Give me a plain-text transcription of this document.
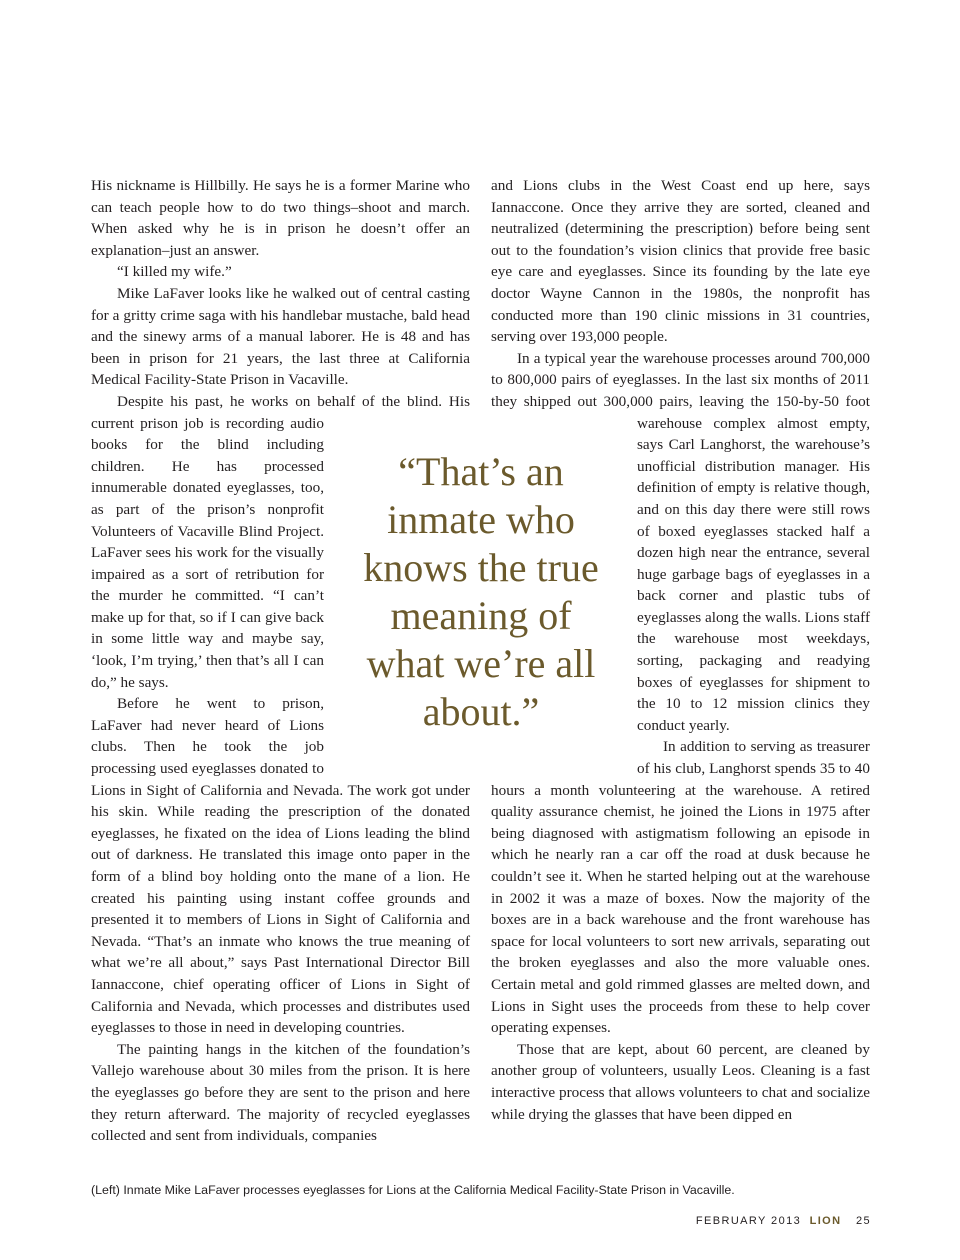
His nickname is Hillbilly. He says he is a former Marine who can teach people how to do two things–shoot and march. When asked why he is in prison he doesn’t offer an explanation–just an answer.

“I killed my wife.”

Mike LaFaver looks like he walked out of central casting for a gritty crime saga with his handlebar mustache, bald head and the sinewy arms of a manual laborer. He is 48 and has been in prison for 21 years, the last three at California Medical Facility-State Prison in Vacaville.

Despite his past, he works on behalf of the blind. His
current prison job is recording audio books for the blind including children. He has processed innumerable donated eyeglasses, too, as part of the prison’s nonprofit Volunteers of Vacaville Blind Project. LaFaver sees his work for the visually impaired as a sort of retribution for the murder he committed. “I can’t make up for that, so if I can give back in some little way and maybe say, ‘look, I’m trying,’ then that’s all I can do,” he says.

Before he went to prison, LaFaver had never heard of Lions clubs. Then he took the job processing used eyeglasses donated to Lions in Sight of California and Nevada. The work got under his skin. While reading the prescription of the donated eyeglasses, he fixated on the idea of Lions leading the blind out of darkness. He translated this image onto paper in the form of a blind boy holding onto the mane of a lion. He created his painting using instant coffee grounds and presented it to members of Lions in Sight of California and Nevada. “That’s an inmate who knows the true meaning of what we’re all about,” says Past International Director Bill Iannaccone, chief operating officer of Lions in Sight of California and Nevada, which processes and distributes used eyeglasses to those in need in developing countries.

The painting hangs in the kitchen of the foundation’s Vallejo warehouse about 30 miles from the prison. It is here the eyeglasses go before they are sent to the prison and here they return afterward. The majority of recycled eyeglasses collected and sent from individuals, companies

and Lions clubs in the West Coast end up here, says Iannaccone. Once they arrive they are sorted, cleaned and neutralized (determining the prescription) before being sent out to the foundation’s vision clinics that provide free basic eye care and eyeglasses. Since its founding by the late eye doctor Wayne Cannon in the 1980s, the nonprofit has conducted more than 190 clinic missions in 31 countries, serving over 193,000 people.

In a typical year the warehouse processes around 700,000 to 800,000 pairs of eyeglasses. In the last six months of 2011 they shipped out 300,000 pairs, leaving the
150-by-50 foot warehouse complex almost empty, says Carl Langhorst, the warehouse’s unofficial distribution manager. His definition of empty is relative though, and on this day there were still rows of boxed eyeglasses stacked half a dozen high near the entrance, several huge garbage bags of eyeglasses in a back corner and plastic tubs of eyeglasses along the walls. Lions staff the warehouse most weekdays, sorting, packaging and readying boxes of eyeglasses for shipment to the 10 to 12 mission clinics they conduct yearly.

In addition to serving as treasurer of his club, Langhorst spends 35 to 40 hours a month volunteering at the warehouse. A retired quality assurance chemist, he joined the Lions in 1975 after being diagnosed with astigmatism following an episode in which he nearly ran a car off the road at dusk because he couldn’t see it. When he started helping out at the warehouse in 2002 it was a maze of boxes. Now the majority of the boxes are in a back warehouse and the front warehouse has space for local volunteers to sort new arrivals, separating out the broken eyeglasses and also the more valuable ones. Certain metal and gold rimmed glasses are melted down, and Lions in Sight uses the proceeds from these to help cover operating expenses.

Those that are kept, about 60 percent, are cleaned by another group of volunteers, usually Leos. Cleaning is a fast interactive process that allows volunteers to chat and socialize while drying the glasses that have been dipped en

“That’s an inmate who knows the true meaning of what we’re all about.”
(Left) Inmate Mike LaFaver processes eyeglasses for Lions at the California Medical Facility-State Prison in Vacaville.
FEBRUARY 2013 LION 25
